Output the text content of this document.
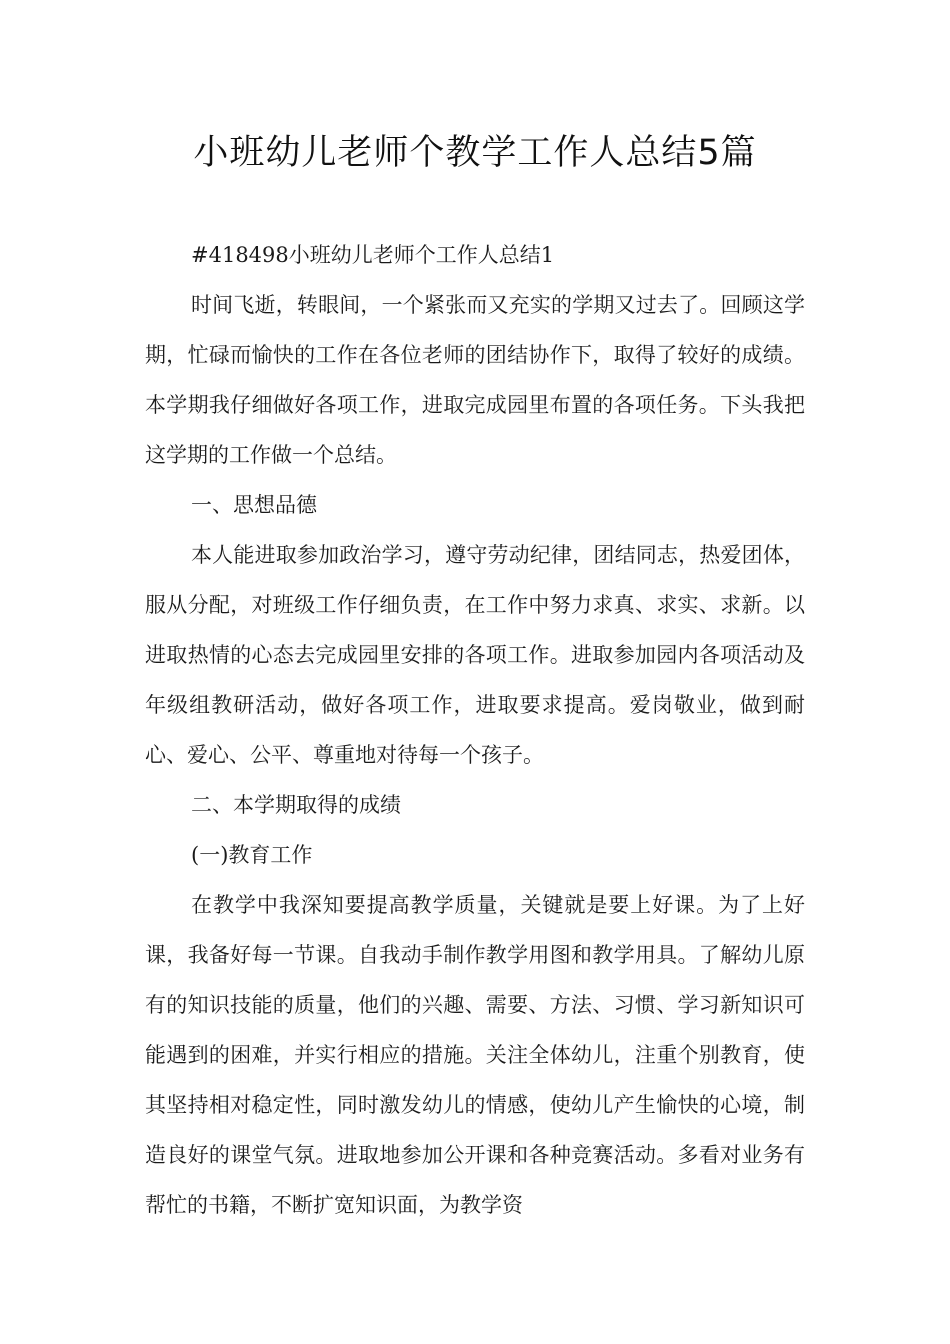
小班幼儿老师个教学工作人总结5篇

#418498小班幼儿老师个工作人总结1

时间飞逝，转眼间，一个紧张而又充实的学期又过去了。回顾这学期，忙碌而愉快的工作在各位老师的团结协作下，取得了较好的成绩。本学期我仔细做好各项工作，进取完成园里布置的各项任务。下头我把这学期的工作做一个总结。

一、思想品德

本人能进取参加政治学习，遵守劳动纪律，团结同志，热爱团体，服从分配，对班级工作仔细负责，在工作中努力求真、求实、求新。以进取热情的心态去完成园里安排的各项工作。进取参加园内各项活动及年级组教研活动，做好各项工作，进取要求提高。爱岗敬业，做到耐心、爱心、公平、尊重地对待每一个孩子。

二、本学期取得的成绩

(一)教育工作

在教学中我深知要提高教学质量，关键就是要上好课。为了上好课，我备好每一节课。自我动手制作教学用图和教学用具。了解幼儿原有的知识技能的质量，他们的兴趣、需要、方法、习惯、学习新知识可能遇到的困难，并实行相应的措施。关注全体幼儿，注重个别教育，使其坚持相对稳定性，同时激发幼儿的情感，使幼儿产生愉快的心境，制造良好的课堂气氛。进取地参加公开课和各种竞赛活动。多看对业务有帮忙的书籍，不断扩宽知识面，为教学资
